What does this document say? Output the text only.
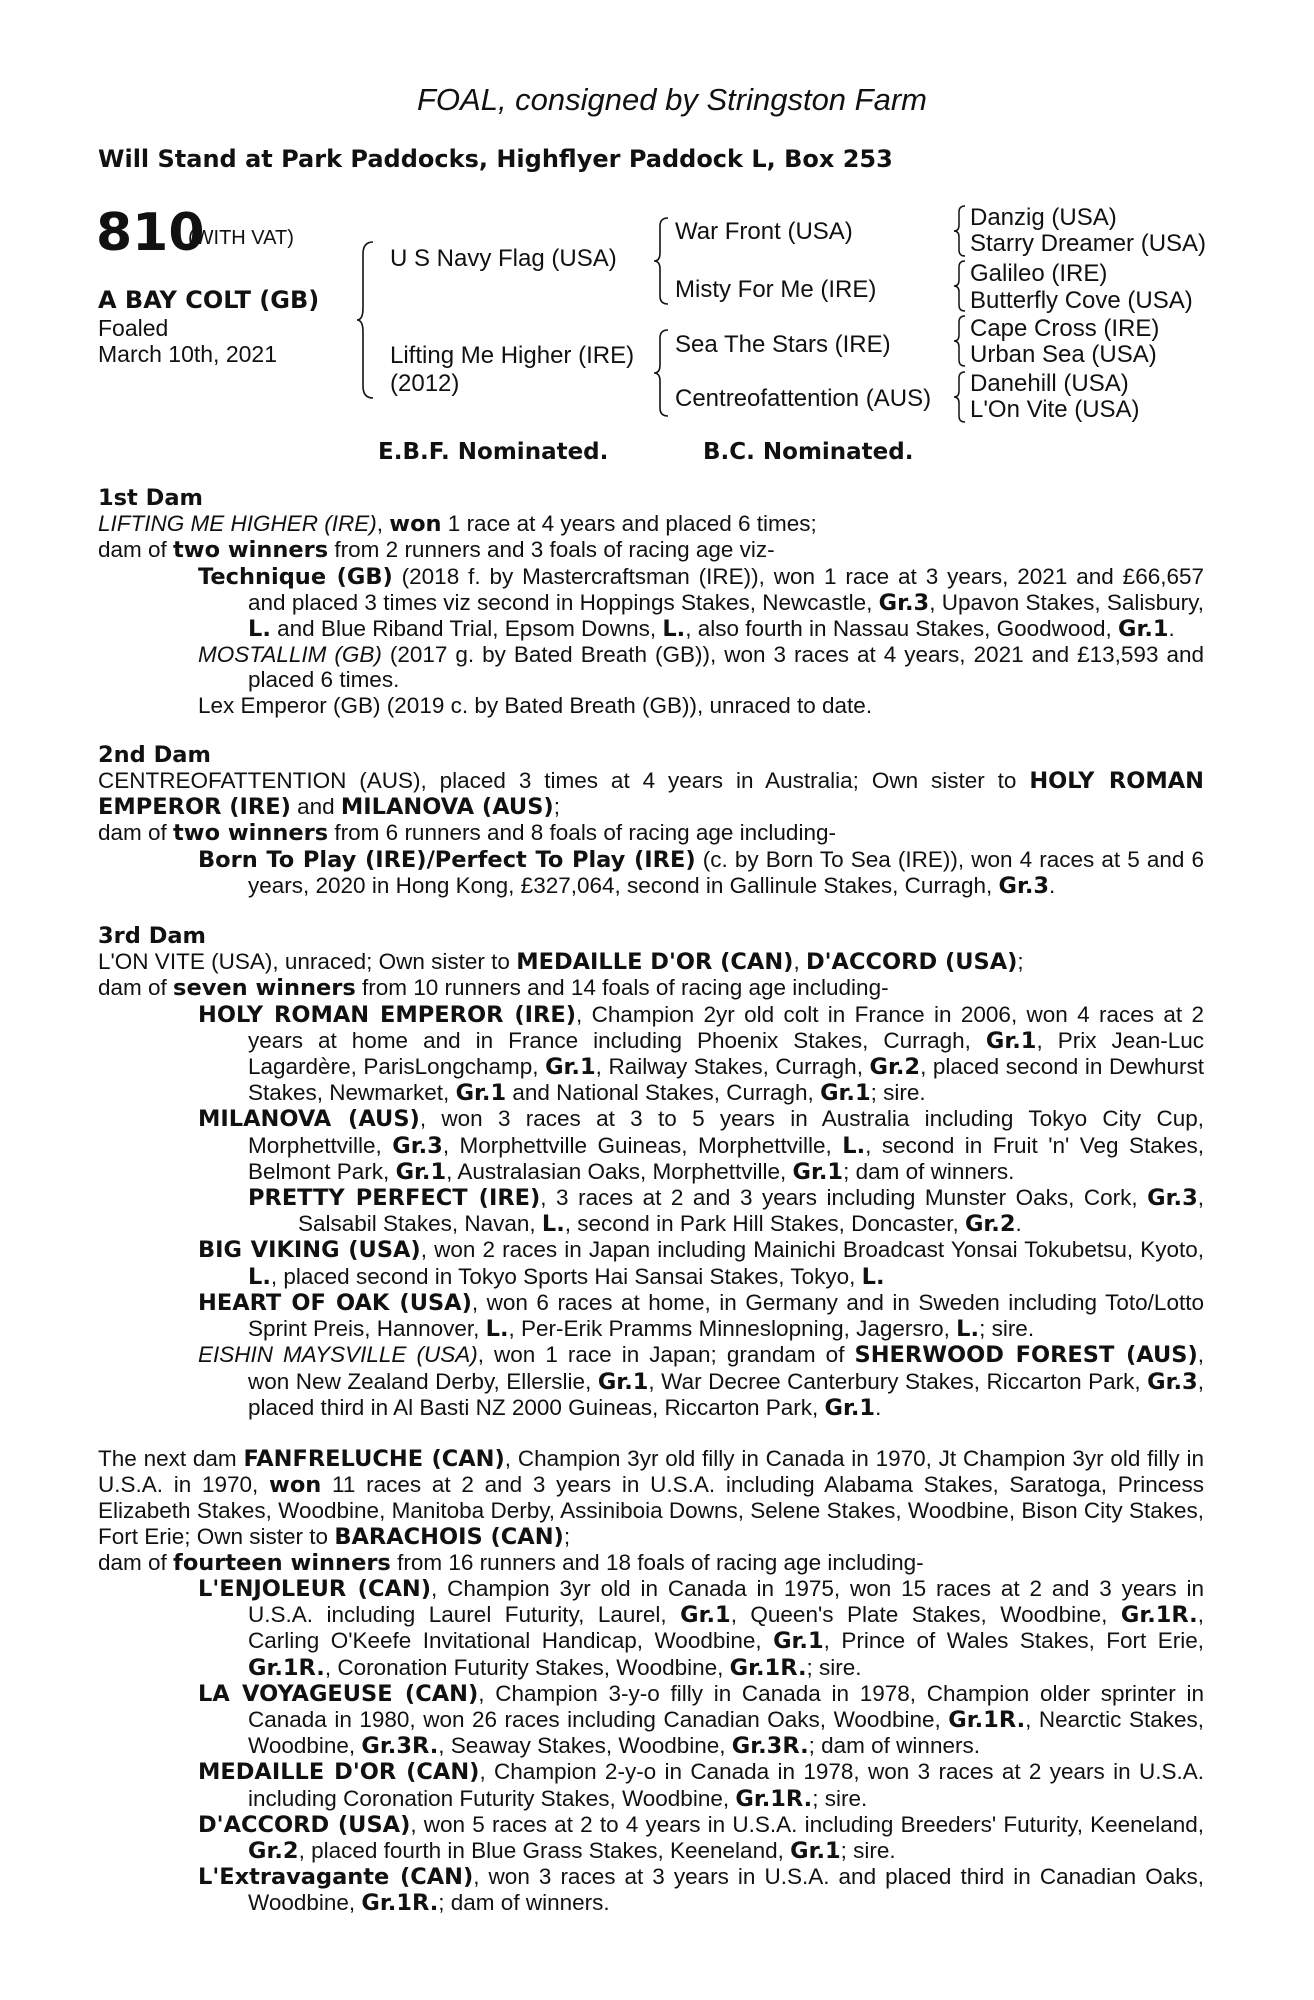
FOAL, consigned by Stringston Farm
Will Stand at Park Paddocks, Highflyer Paddock L, Box 253
810
(WITH VAT)
A BAY COLT (GB)
Foaled
March 10th, 2021
U S Navy Flag (USA)
Lifting Me Higher (IRE)
(2012)
War Front (USA)
Misty For Me (IRE)
Sea The Stars (IRE)
Centreofattention (AUS)
Danzig (USA)
Starry Dreamer (USA)
Galileo (IRE)
Butterfly Cove (USA)
Cape Cross (IRE)
Urban Sea (USA)
Danehill (USA)
L'On Vite (USA)
E.B.F. Nominated.	B.C. Nominated.
1st Dam
LIFTING ME HIGHER (IRE), won 1 race at 4 years and placed 6 times;
dam of two winners from 2 runners and 3 foals of racing age viz-
Technique (GB) (2018 f. by Mastercraftsman (IRE)), won 1 race at 3 years, 2021 and £66,657 and placed 3 times viz second in Hoppings Stakes, Newcastle, Gr.3, Upavon Stakes, Salisbury, L. and Blue Riband Trial, Epsom Downs, L., also fourth in Nassau Stakes, Goodwood, Gr.1.
MOSTALLIM (GB) (2017 g. by Bated Breath (GB)), won 3 races at 4 years, 2021 and £13,593 and placed 6 times.
Lex Emperor (GB) (2019 c. by Bated Breath (GB)), unraced to date.
2nd Dam
CENTREOFATTENTION (AUS), placed 3 times at 4 years in Australia; Own sister to HOLY ROMAN EMPEROR (IRE) and MILANOVA (AUS);
dam of two winners from 6 runners and 8 foals of racing age including-
Born To Play (IRE)/Perfect To Play (IRE) (c. by Born To Sea (IRE)), won 4 races at 5 and 6 years, 2020 in Hong Kong, £327,064, second in Gallinule Stakes, Curragh, Gr.3.
3rd Dam
L'ON VITE (USA), unraced; Own sister to MEDAILLE D'OR (CAN), D'ACCORD (USA);
dam of seven winners from 10 runners and 14 foals of racing age including-
HOLY ROMAN EMPEROR (IRE), Champion 2yr old colt in France in 2006, won 4 races at 2 years at home and in France including Phoenix Stakes, Curragh, Gr.1, Prix Jean-Luc Lagardère, ParisLongchamp, Gr.1, Railway Stakes, Curragh, Gr.2, placed second in Dewhurst Stakes, Newmarket, Gr.1 and National Stakes, Curragh, Gr.1; sire.
MILANOVA (AUS), won 3 races at 3 to 5 years in Australia including Tokyo City Cup, Morphettville, Gr.3, Morphettville Guineas, Morphettville, L., second in Fruit 'n' Veg Stakes, Belmont Park, Gr.1, Australasian Oaks, Morphettville, Gr.1; dam of winners.
PRETTY PERFECT (IRE), 3 races at 2 and 3 years including Munster Oaks, Cork, Gr.3, Salsabil Stakes, Navan, L., second in Park Hill Stakes, Doncaster, Gr.2.
BIG VIKING (USA), won 2 races in Japan including Mainichi Broadcast Yonsai Tokubetsu, Kyoto, L., placed second in Tokyo Sports Hai Sansai Stakes, Tokyo, L.
HEART OF OAK (USA), won 6 races at home, in Germany and in Sweden including Toto/Lotto Sprint Preis, Hannover, L., Per-Erik Pramms Minneslopning, Jagersro, L.; sire.
EISHIN MAYSVILLE (USA), won 1 race in Japan; grandam of SHERWOOD FOREST (AUS), won New Zealand Derby, Ellerslie, Gr.1, War Decree Canterbury Stakes, Riccarton Park, Gr.3, placed third in Al Basti NZ 2000 Guineas, Riccarton Park, Gr.1.
The next dam FANFRELUCHE (CAN), Champion 3yr old filly in Canada in 1970, Jt Champion 3yr old filly in U.S.A. in 1970, won 11 races at 2 and 3 years in U.S.A. including Alabama Stakes, Saratoga, Princess Elizabeth Stakes, Woodbine, Manitoba Derby, Assiniboia Downs, Selene Stakes, Woodbine, Bison City Stakes, Fort Erie; Own sister to BARACHOIS (CAN);
dam of fourteen winners from 16 runners and 18 foals of racing age including-
L'ENJOLEUR (CAN), Champion 3yr old in Canada in 1975, won 15 races at 2 and 3 years in U.S.A. including Laurel Futurity, Laurel, Gr.1, Queen's Plate Stakes, Woodbine, Gr.1R., Carling O'Keefe Invitational Handicap, Woodbine, Gr.1, Prince of Wales Stakes, Fort Erie, Gr.1R., Coronation Futurity Stakes, Woodbine, Gr.1R.; sire.
LA VOYAGEUSE (CAN), Champion 3-y-o filly in Canada in 1978, Champion older sprinter in Canada in 1980, won 26 races including Canadian Oaks, Woodbine, Gr.1R., Nearctic Stakes, Woodbine, Gr.3R., Seaway Stakes, Woodbine, Gr.3R.; dam of winners.
MEDAILLE D'OR (CAN), Champion 2-y-o in Canada in 1978, won 3 races at 2 years in U.S.A. including Coronation Futurity Stakes, Woodbine, Gr.1R.; sire.
D'ACCORD (USA), won 5 races at 2 to 4 years in U.S.A. including Breeders' Futurity, Keeneland, Gr.2, placed fourth in Blue Grass Stakes, Keeneland, Gr.1; sire.
L'Extravagante (CAN), won 3 races at 3 years in U.S.A. and placed third in Canadian Oaks, Woodbine, Gr.1R.; dam of winners.
